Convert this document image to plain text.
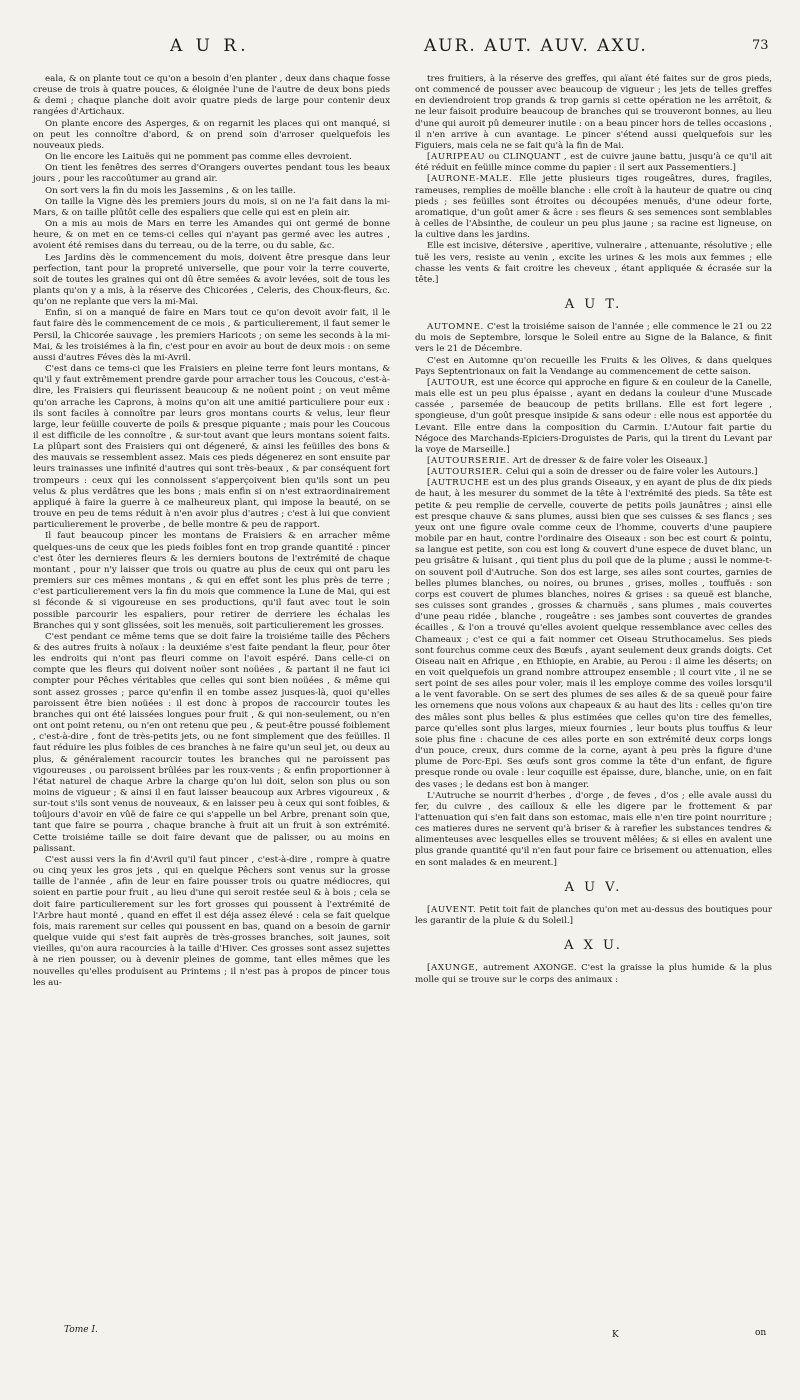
A U R.	AUR. AUT. AUV. AXU.	73

eala, & on plante tout ce qu'on a besoin d'en planter , deux dans chaque fosse creuse de trois à quatre pouces, & éloignée l'une de l'autre de deux bons pieds & demi ; chaque planche doit avoir quatre pieds de large pour contenir deux rangées d'Artichaux.

On plante encore des Asperges, & on regarnit les places qui ont manqué, si on peut les connoître d'abord, & on prend soin d'arroser quelquefois les nouveaux pieds.

On lie encore les Laituës qui ne pomment pas comme elles devroient.

On tient les fenêtres des serres d'Orangers ouvertes pendant tous les beaux jours , pour les raccoûtumer au grand air.

On sort vers la fin du mois les Jassemins , & on les taille.

On taille la Vigne dès les premiers jours du mois, si on ne l'a fait dans la mi-Mars, & on taille plûtôt celle des espaliers que celle qui est en plein air.

On a mis au mois de Mars en terre les Amandes qui ont germé de bonne heure, & on met en ce tems-ci celles qui n'ayant pas germé avec les autres , avoient été remises dans du terreau, ou de la terre, ou du sable, &c.

Les Jardins dès le commencement du mois, doivent être presque dans leur perfection, tant pour la propreté universelle, que pour voir la terre couverte, soit de toutes les graines qui ont dû être semées & avoir levées, soit de tous les plants qu'on y a mis, à la réserve des Chicorées , Celeris, des Choux-fleurs, &c. qu'on ne replante que vers la mi-Mai.

Enfin, si on a manqué de faire en Mars tout ce qu'on devoit avoir fait, il le faut faire dès le commencement de ce mois , & particulierement, il faut semer le Persil, la Chicorée sauvage , les premiers Haricots ; on seme les seconds à la mi-Mai, & les troisiémes à la fin, c'est pour en avoir au bout de deux mois : on seme aussi d'autres Féves dès la mi-Avril.

C'est dans ce tems-ci que les Fraisiers en pleine terre font leurs montans, & qu'il y faut extrêmement prendre garde pour arracher tous les Coucous, c'est-à-dire, les Fraisiers qui fleurissent beaucoup & ne noüent point ; on veut même qu'on arrache les Caprons, à moins qu'on ait une amitié particuliere pour eux : ils sont faciles à connoître par leurs gros montans courts & velus, leur fleur large, leur feüille couverte de poils & presque piquante ; mais pour les Coucous il est difficile de les connoître , & sur-tout avant que leurs montans soient faits. La plûpart sont des Fraisiers qui ont dégeneré, & ainsi les feüilles des bons & des mauvais se ressemblent assez. Mais ces pieds dégenerez en sont ensuite par leurs trainasses une infinité d'autres qui sont très-beaux , & par conséquent fort trompeurs : ceux qui les connoissent s'apperçoivent bien qu'ils sont un peu velus & plus verdâtres que les bons ; mais enfin si on n'est extraordinairement appliqué à faire la guerre à ce malheureux plant, qui impose la beauté, on se trouve en peu de tems réduit à n'en avoir plus d'autres ; c'est à lui que convient particulierement le proverbe , de belle montre & peu de rapport.

Il faut beaucoup pincer les montans de Fraisiers & en arracher même quelques-uns de ceux que les pieds foibles font en trop grande quantité : pincer c'est ôter les dernieres fleurs & les derniers boutons de l'extrémité de chaque montant , pour n'y laisser que trois ou quatre au plus de ceux qui ont paru les premiers sur ces mêmes montans , & qui en effet sont les plus près de terre ; c'est particulierement vers la fin du mois que commence la Lune de Mai, qui est si féconde & si vigoureuse en ses productions, qu'il faut avec tout le soin possible parcourir les espaliers, pour retirer de derriere les échalas les Branches qui y sont glissées, soit les menuës, soit particulierement les grosses.

C'est pendant ce même tems que se doit faire la troisiéme taille des Pêchers & des autres fruits à noïaux : la deuxiéme s'est faite pendant la fleur, pour ôter les endroits qui n'ont pas fleuri comme on l'avoit espéré. Dans celle-ci on compte que les fleurs qui doivent noüer sont noüées , & partant il ne faut ici compter pour Pêches véritables que celles qui sont bien noüées , & même qui sont assez grosses ; parce qu'enfin il en tombe assez jusques-là, quoi qu'elles paroissent être bien noüées : il est donc à propos de raccourcir toutes les branches qui ont été laissées longues pour fruit , & qui non-seulement, ou n'en ont ont point retenu, ou n'en ont retenu que peu , & peut-être poussé foiblement , c'est-à-dire , font de très-petits jets, ou ne font simplement que des feüilles. Il faut réduire les plus foibles de ces branches à ne faire qu'un seul jet, ou deux au plus, & généralement racourcir toutes les branches qui ne paroissent pas vigoureuses , ou paroissent brûlées par les roux-vents ; & enfin proportionner à l'état naturel de chaque Arbre la charge qu'on lui doit, selon son plus ou son moins de vigueur ; & ainsi il en faut laisser beaucoup aux Arbres vigoureux , & sur-tout s'ils sont venus de nouveaux, & en laisser peu à ceux qui sont foibles, & toûjours d'avoir en vûë de faire ce qui s'appelle un bel Arbre, prenant soin que, tant que faire se pourra , chaque branche à fruit ait un fruit à son extrémité. Cette troisiéme taille se doit faire devant que de palisser, ou au moins en palissant.

C'est aussi vers la fin d'Avril qu'il faut pincer , c'est-à-dire , rompre à quatre ou cinq yeux les gros jets , qui en quelque Pêchers sont venus sur la grosse taille de l'année , afin de leur en faire pousser trois ou quatre médiocres, qui soient en partie pour fruit , au lieu d'une qui seroit restée seul & à bois ; cela se doit faire particulierement sur les fort grosses qui poussent à l'extrémité de l'Arbre haut monté , quand en effet il est déja assez élevé : cela se fait quelque fois, mais rarement sur celles qui poussent en bas, quand on a besoin de garnir quelque vuide qui s'est fait auprès de très-grosses branches, soit jaunes, soit vieilles, qu'on aura racourcies à la taille d'Hiver. Ces grosses sont assez sujettes à ne rien pousser, ou à devenir pleines de gomme, tant elles mêmes que les nouvelles qu'elles produisent au Printems ; il n'est pas à propos de pincer tous les au-

tres fruitiers, à la réserve des greffes, qui aïant été faites sur de gros pieds, ont commencé de pousser avec beaucoup de vigueur ; les jets de telles greffes en deviendroient trop grands & trop garnis si cette opération ne les arrêtoit, & ne leur faisoit produire beaucoup de branches qui se trouveront bonnes, au lieu d'une qui auroit pû demeurer inutile : on a beau pincer hors de telles occasions , il n'en arrive à cun avantage. Le pincer s'étend aussi quelquefois sur les Figuiers, mais cela ne se fait qu'à la fin de Mai.

[AURIPEAU ou CLINQUANT , est de cuivre jaune battu, jusqu'à ce qu'il ait été réduit en feüille mince comme du papier : il sert aux Passementiers.]

[AURONE-MALE. Elle jette plusieurs tiges rougeâtres, dures, fragiles, rameuses, remplies de moëlle blanche : elle croît à la hauteur de quatre ou cinq pieds ; ses feüilles sont étroites ou découpées menuës, d'une odeur forte, aromatique, d'un goût amer & âcre : ses fleurs & ses semences sont semblables à celles de l'Absinthe, de couleur un peu plus jaune ; sa racine est ligneuse, on la cultive dans les jardins.

Elle est incisive, détersive , aperitive, vulneraire , attenuante, résolutive ; elle tuë les vers, resiste au venin , excite les urines & les mois aux femmes ; elle chasse les vents & fait croitre les cheveux , étant appliquée & écrasée sur la tête.]

A U T.

AUTOMNE. C'est la troisiéme saison de l'année ; elle commence le 21 ou 22 du mois de Septembre, lorsque le Soleil entre au Signe de la Balance, & finit vers le 21 de Décembre.

C'est en Automne qu'on recueille les Fruits & les Olives, & dans quelques Pays Septentrionaux on fait la Vendange au commencement de cette saison.

[AUTOUR, est une écorce qui approche en figure & en couleur de la Canelle, mais elle est un peu plus épaisse , ayant en dedans la couleur d'une Muscade cassée , parsemée de beaucoup de petits brillans. Elle est fort legere , spongieuse, d'un goût presque insipide & sans odeur : elle nous est apportée du Levant. Elle entre dans la composition du Carmin. L'Autour fait partie du Négoce des Marchands-Epiciers-Droguistes de Paris, qui la tirent du Levant par la voye de Marseille.]

[AUTOURSERIE. Art de dresser & de faire voler les Oiseaux.]

[AUTOURSIER. Celui qui a soin de dresser ou de faire voler les Autours.]

[AUTRUCHE est un des plus grands Oiseaux, y en ayant de plus de dix pieds de haut, à les mesurer du sommet de la tête à l'extrémité des pieds. Sa tête est petite & peu remplie de cervelle, couverte de petits poils jaunâtres ; ainsi elle est presque chauve & sans plumes, aussi bien que ses cuisses & ses flancs ; ses yeux ont une figure ovale comme ceux de l'homme, couverts d'une paupiere mobile par en haut, contre l'ordinaire des Oiseaux : son bec est court & pointu, sa langue est petite, son cou est long & couvert d'une espece de duvet blanc, un peu grisâtre & luisant , qui tient plus du poil que de la plume ; aussi le nomme-t-on souvent poil d'Autruche. Son dos est large, ses ailes sont courtes, garnies de belles plumes blanches, ou noires, ou brunes , grises, molles , touffuës : son corps est couvert de plumes blanches, noires & grises : sa queuë est blanche, ses cuisses sont grandes , grosses & charnuës , sans plumes , mais couvertes d'une peau ridée , blanche , rougeâtre : ses jambes sont couvertes de grandes écailles , & l'on a trouvé qu'elles avoient quelque ressemblance avec celles des Chameaux ; c'est ce qui a fait nommer cet Oiseau Struthocamelus. Ses pieds sont fourchus comme ceux des Bœufs , ayant seulement deux grands doigts. Cet Oiseau nait en Afrique , en Ethiopie, en Arabie, au Perou : il aime les déserts; on en voit quelquefois un grand nombre attroupez ensemble ; il court vite , il ne se sert point de ses ailes pour voler, mais il les employe comme des voiles lorsqu'il a le vent favorable. On se sert des plumes de ses ailes & de sa queuë pour faire les ornemens que nous voïons aux chapeaux & au haut des lits : celles qu'on tire des mâles sont plus belles & plus estimées que celles qu'on tire des femelles, parce qu'elles sont plus larges, mieux fournies , leur bouts plus touffus & leur soie plus fine : chacune de ces ailes porte en son extrémité deux corps longs d'un pouce, creux, durs comme de la corne, ayant à peu près la figure d'une plume de Porc-Epi. Ses œufs sont gros comme la tête d'un enfant, de figure presque ronde ou ovale : leur coquille est épaisse, dure, blanche, unie, on en fait des vases ; le dedans est bon à manger.

L'Autruche se nourrit d'herbes , d'orge , de feves , d'os ; elle avale aussi du fer, du cuivre , des cailloux & elle les digere par le frottement & par l'attenuation qui s'en fait dans son estomac, mais elle n'en tire point nourriture ; ces matieres dures ne servent qu'à briser & à rarefier les substances tendres & alimenteuses avec lesquelles elles se trouvent mêlées; & si elles en avalent une plus grande quantité qu'il n'en faut pour faire ce brisement ou attenuation, elles en sont malades & en meurent.]

A U V.

[AUVENT. Petit toit fait de planches qu'on met au-dessus des boutiques pour les garantir de la pluie & du Soleil.]

A X U.

[AXUNGE, autrement AXONGE. C'est la graisse la plus humide & la plus molle qui se trouve sur le corps des animaux :

Tome I.	K	on
